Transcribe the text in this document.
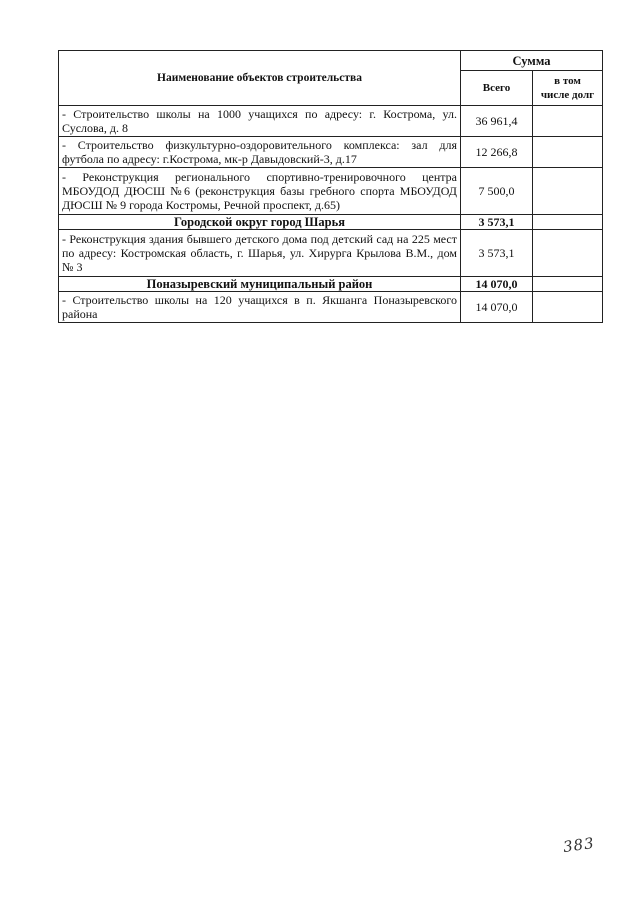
Наименование объектов строительства	Сумма	
	Всего	в том
числе долг
- Строительство школы на 1000 учащихся по адресу: г. Кострома, ул. Суслова, д. 8	36 961,4	
- Строительство физкультурно-оздоровительного комплекса: зал для футбола по адресу: г.Кострома, мк-р Давыдовский-3, д.17	12 266,8	
- Реконструкция регионального спортивно-тренировочного центра МБОУДОД ДЮСШ №6 (реконструкция базы гребного спорта МБОУДОД ДЮСШ № 9 города Костромы, Речной проспект, д.65)	7 500,0	
Городской округ город Шарья	3 573,1	
- Реконструкция здания бывшего детского дома под детский сад на 225 мест по адресу: Костромская область, г. Шарья, ул. Хирурга Крылова В.М., дом № 3	3 573,1	
Поназыревский муниципальный район	14 070,0	
- Строительство школы на 120 учащихся в п. Якшанга Поназыревского района	14 070,0	
383
